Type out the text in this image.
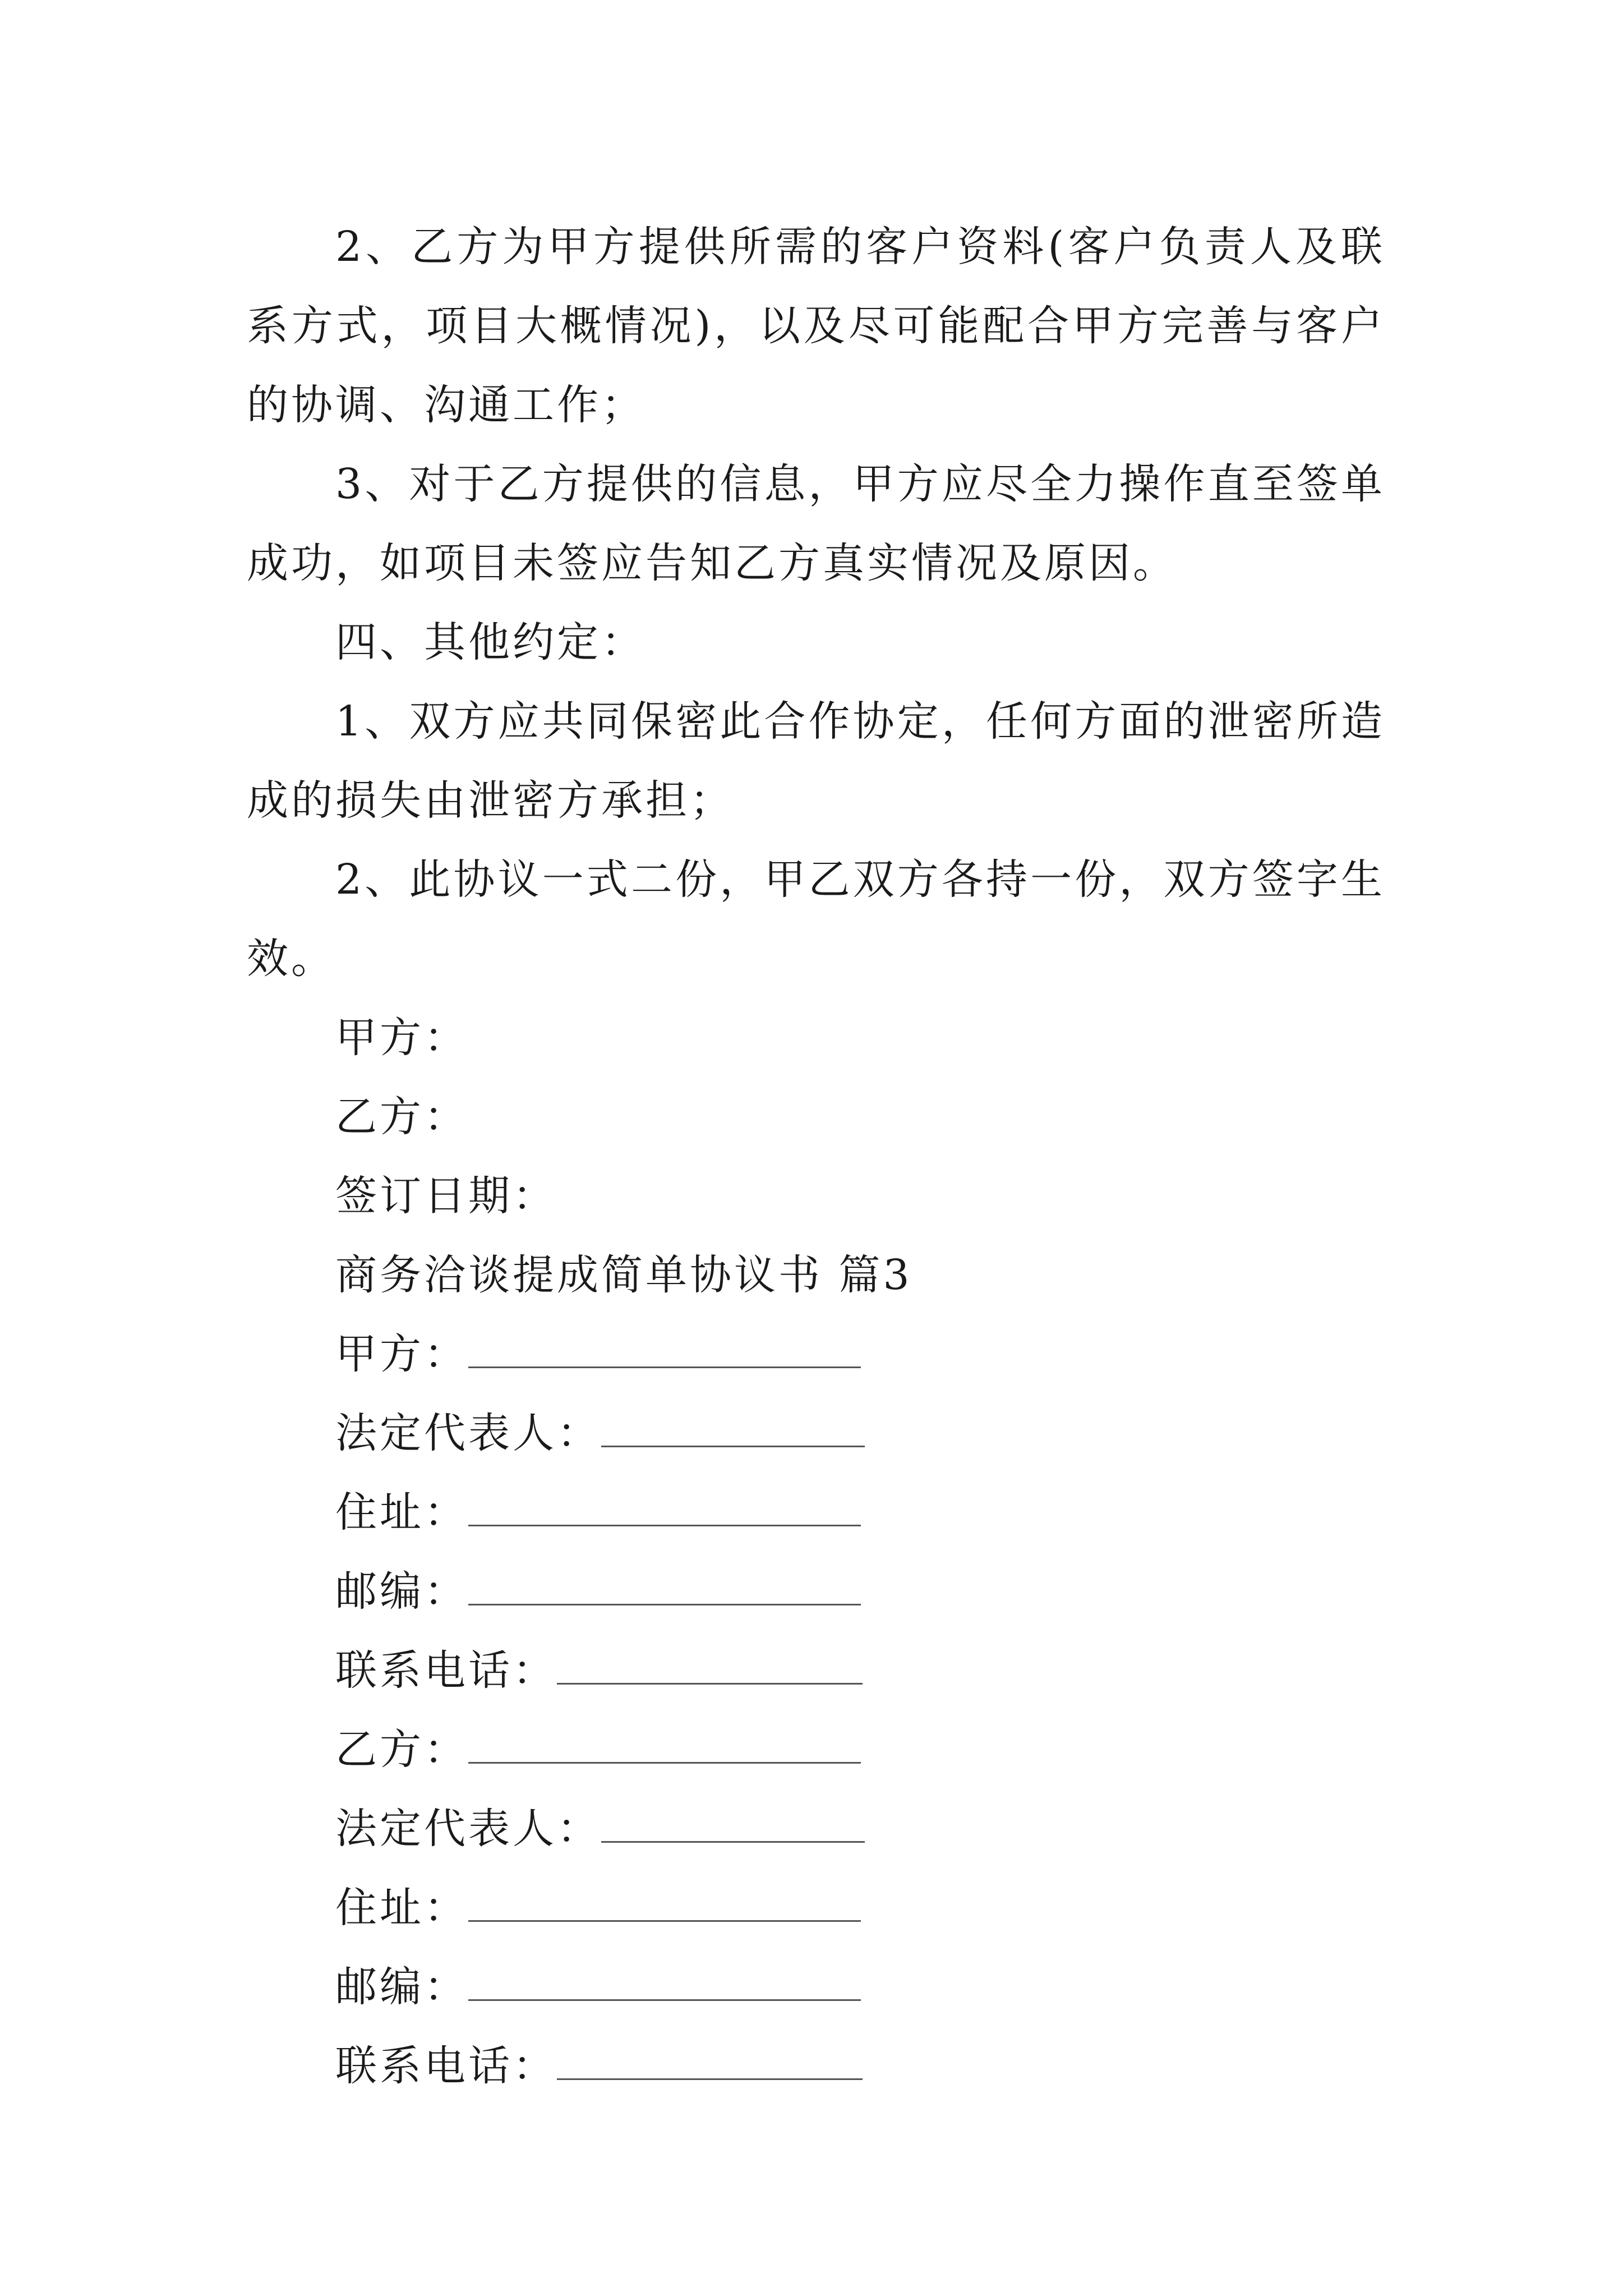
2、乙方为甲方提供所需的客户资料(客户负责人及联系方式，项目大概情况)，以及尽可能配合甲方完善与客户的协调、沟通工作；

3、对于乙方提供的信息，甲方应尽全力操作直至签单成功，如项目未签应告知乙方真实情况及原因。

四、其他约定：

1、双方应共同保密此合作协定，任何方面的泄密所造成的损失由泄密方承担；

2、此协议一式二份，甲乙双方各持一份，双方签字生效。

甲方：

乙方：

签订日期：

商务洽谈提成简单协议书 篇3

甲方：

法定代表人：

住址：

邮编：

联系电话：

乙方：

法定代表人：

住址：

邮编：

联系电话：
